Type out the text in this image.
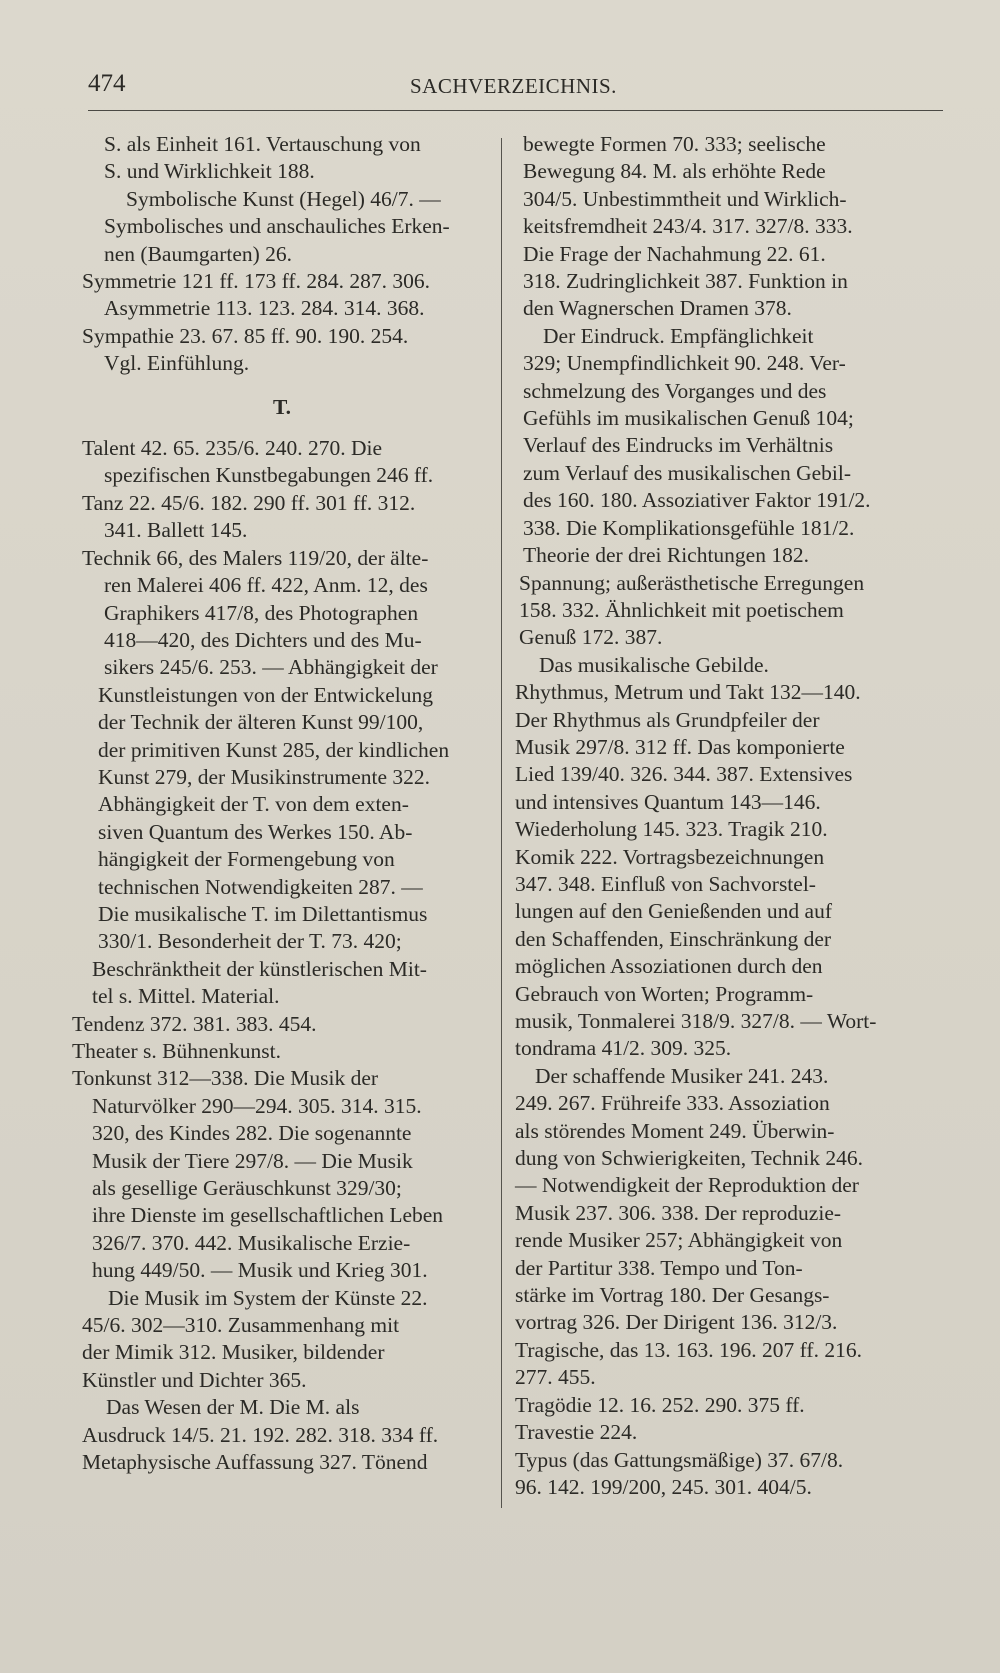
474	SACHVERZEICHNIS.
S. als Einheit 161. Vertauschung von
S. und Wirklichkeit 188.
Symbolische Kunst (Hegel) 46/7. —
Symbolisches und anschauliches Erken-
nen (Baumgarten) 26.
Symmetrie 121 ff. 173 ff. 284. 287. 306.
Asymmetrie 113. 123. 284. 314. 368.
Sympathie 23. 67. 85 ff. 90. 190. 254.
Vgl. Einfühlung.
T.
Talent 42. 65. 235/6. 240. 270. Die
spezifischen Kunstbegabungen 246 ff.
Tanz 22. 45/6. 182. 290 ff. 301 ff. 312.
341. Ballett 145.
Technik 66, des Malers 119/20, der älte-
ren Malerei 406 ff. 422, Anm. 12, des
Graphikers 417/8, des Photographen
418—420, des Dichters und des Mu-
sikers 245/6. 253. — Abhängigkeit der
Kunstleistungen von der Entwickelung
der Technik der älteren Kunst 99/100,
der primitiven Kunst 285, der kindlichen
Kunst 279, der Musikinstrumente 322.
Abhängigkeit der T. von dem exten-
siven Quantum des Werkes 150. Ab-
hängigkeit der Formengebung von
technischen Notwendigkeiten 287. —
Die musikalische T. im Dilettantismus
330/1. Besonderheit der T. 73. 420;
Beschränktheit der künstlerischen Mit-
tel s. Mittel. Material.
Tendenz 372. 381. 383. 454.
Theater s. Bühnenkunst.
Tonkunst 312—338. Die Musik der
Naturvölker 290—294. 305. 314. 315.
320, des Kindes 282. Die sogenannte
Musik der Tiere 297/8. — Die Musik
als gesellige Geräuschkunst 329/30;
ihre Dienste im gesellschaftlichen Leben
326/7. 370. 442. Musikalische Erzie-
hung 449/50. — Musik und Krieg 301.
Die Musik im System der Künste 22.
45/6. 302—310. Zusammenhang mit
der Mimik 312. Musiker, bildender
Künstler und Dichter 365.
Das Wesen der M. Die M. als
Ausdruck 14/5. 21. 192. 282. 318. 334 ff.
Metaphysische Auffassung 327. Tönend
bewegte Formen 70. 333; seelische
Bewegung 84. M. als erhöhte Rede
304/5. Unbestimmtheit und Wirklich-
keitsfremdheit 243/4. 317. 327/8. 333.
Die Frage der Nachahmung 22. 61.
318. Zudringlichkeit 387. Funktion in
den Wagnerschen Dramen 378.
Der Eindruck. Empfänglichkeit
329; Unempfindlichkeit 90. 248. Ver-
schmelzung des Vorganges und des
Gefühls im musikalischen Genuß 104;
Verlauf des Eindrucks im Verhältnis
zum Verlauf des musikalischen Gebil-
des 160. 180. Assoziativer Faktor 191/2.
338. Die Komplikationsgefühle 181/2.
Theorie der drei Richtungen 182.
Spannung; außerästhetische Erregungen
158. 332. Ähnlichkeit mit poetischem
Genuß 172. 387.
Das musikalische Gebilde.
Rhythmus, Metrum und Takt 132—140.
Der Rhythmus als Grundpfeiler der
Musik 297/8. 312 ff. Das komponierte
Lied 139/40. 326. 344. 387. Extensives
und intensives Quantum 143—146.
Wiederholung 145. 323. Tragik 210.
Komik 222. Vortragsbezeichnungen
347. 348. Einfluß von Sachvorstel-
lungen auf den Genießenden und auf
den Schaffenden, Einschränkung der
möglichen Assoziationen durch den
Gebrauch von Worten; Programm-
musik, Tonmalerei 318/9. 327/8. — Wort-
tondrama 41/2. 309. 325.
Der schaffende Musiker 241. 243.
249. 267. Frühreife 333. Assoziation
als störendes Moment 249. Überwin-
dung von Schwierigkeiten, Technik 246.
— Notwendigkeit der Reproduktion der
Musik 237. 306. 338. Der reproduzie-
rende Musiker 257; Abhängigkeit von
der Partitur 338. Tempo und Ton-
stärke im Vortrag 180. Der Gesangs-
vortrag 326. Der Dirigent 136. 312/3.
Tragische, das 13. 163. 196. 207 ff. 216.
277. 455.
Tragödie 12. 16. 252. 290. 375 ff.
Travestie 224.
Typus (das Gattungsmäßige) 37. 67/8.
96. 142. 199/200, 245. 301. 404/5.
